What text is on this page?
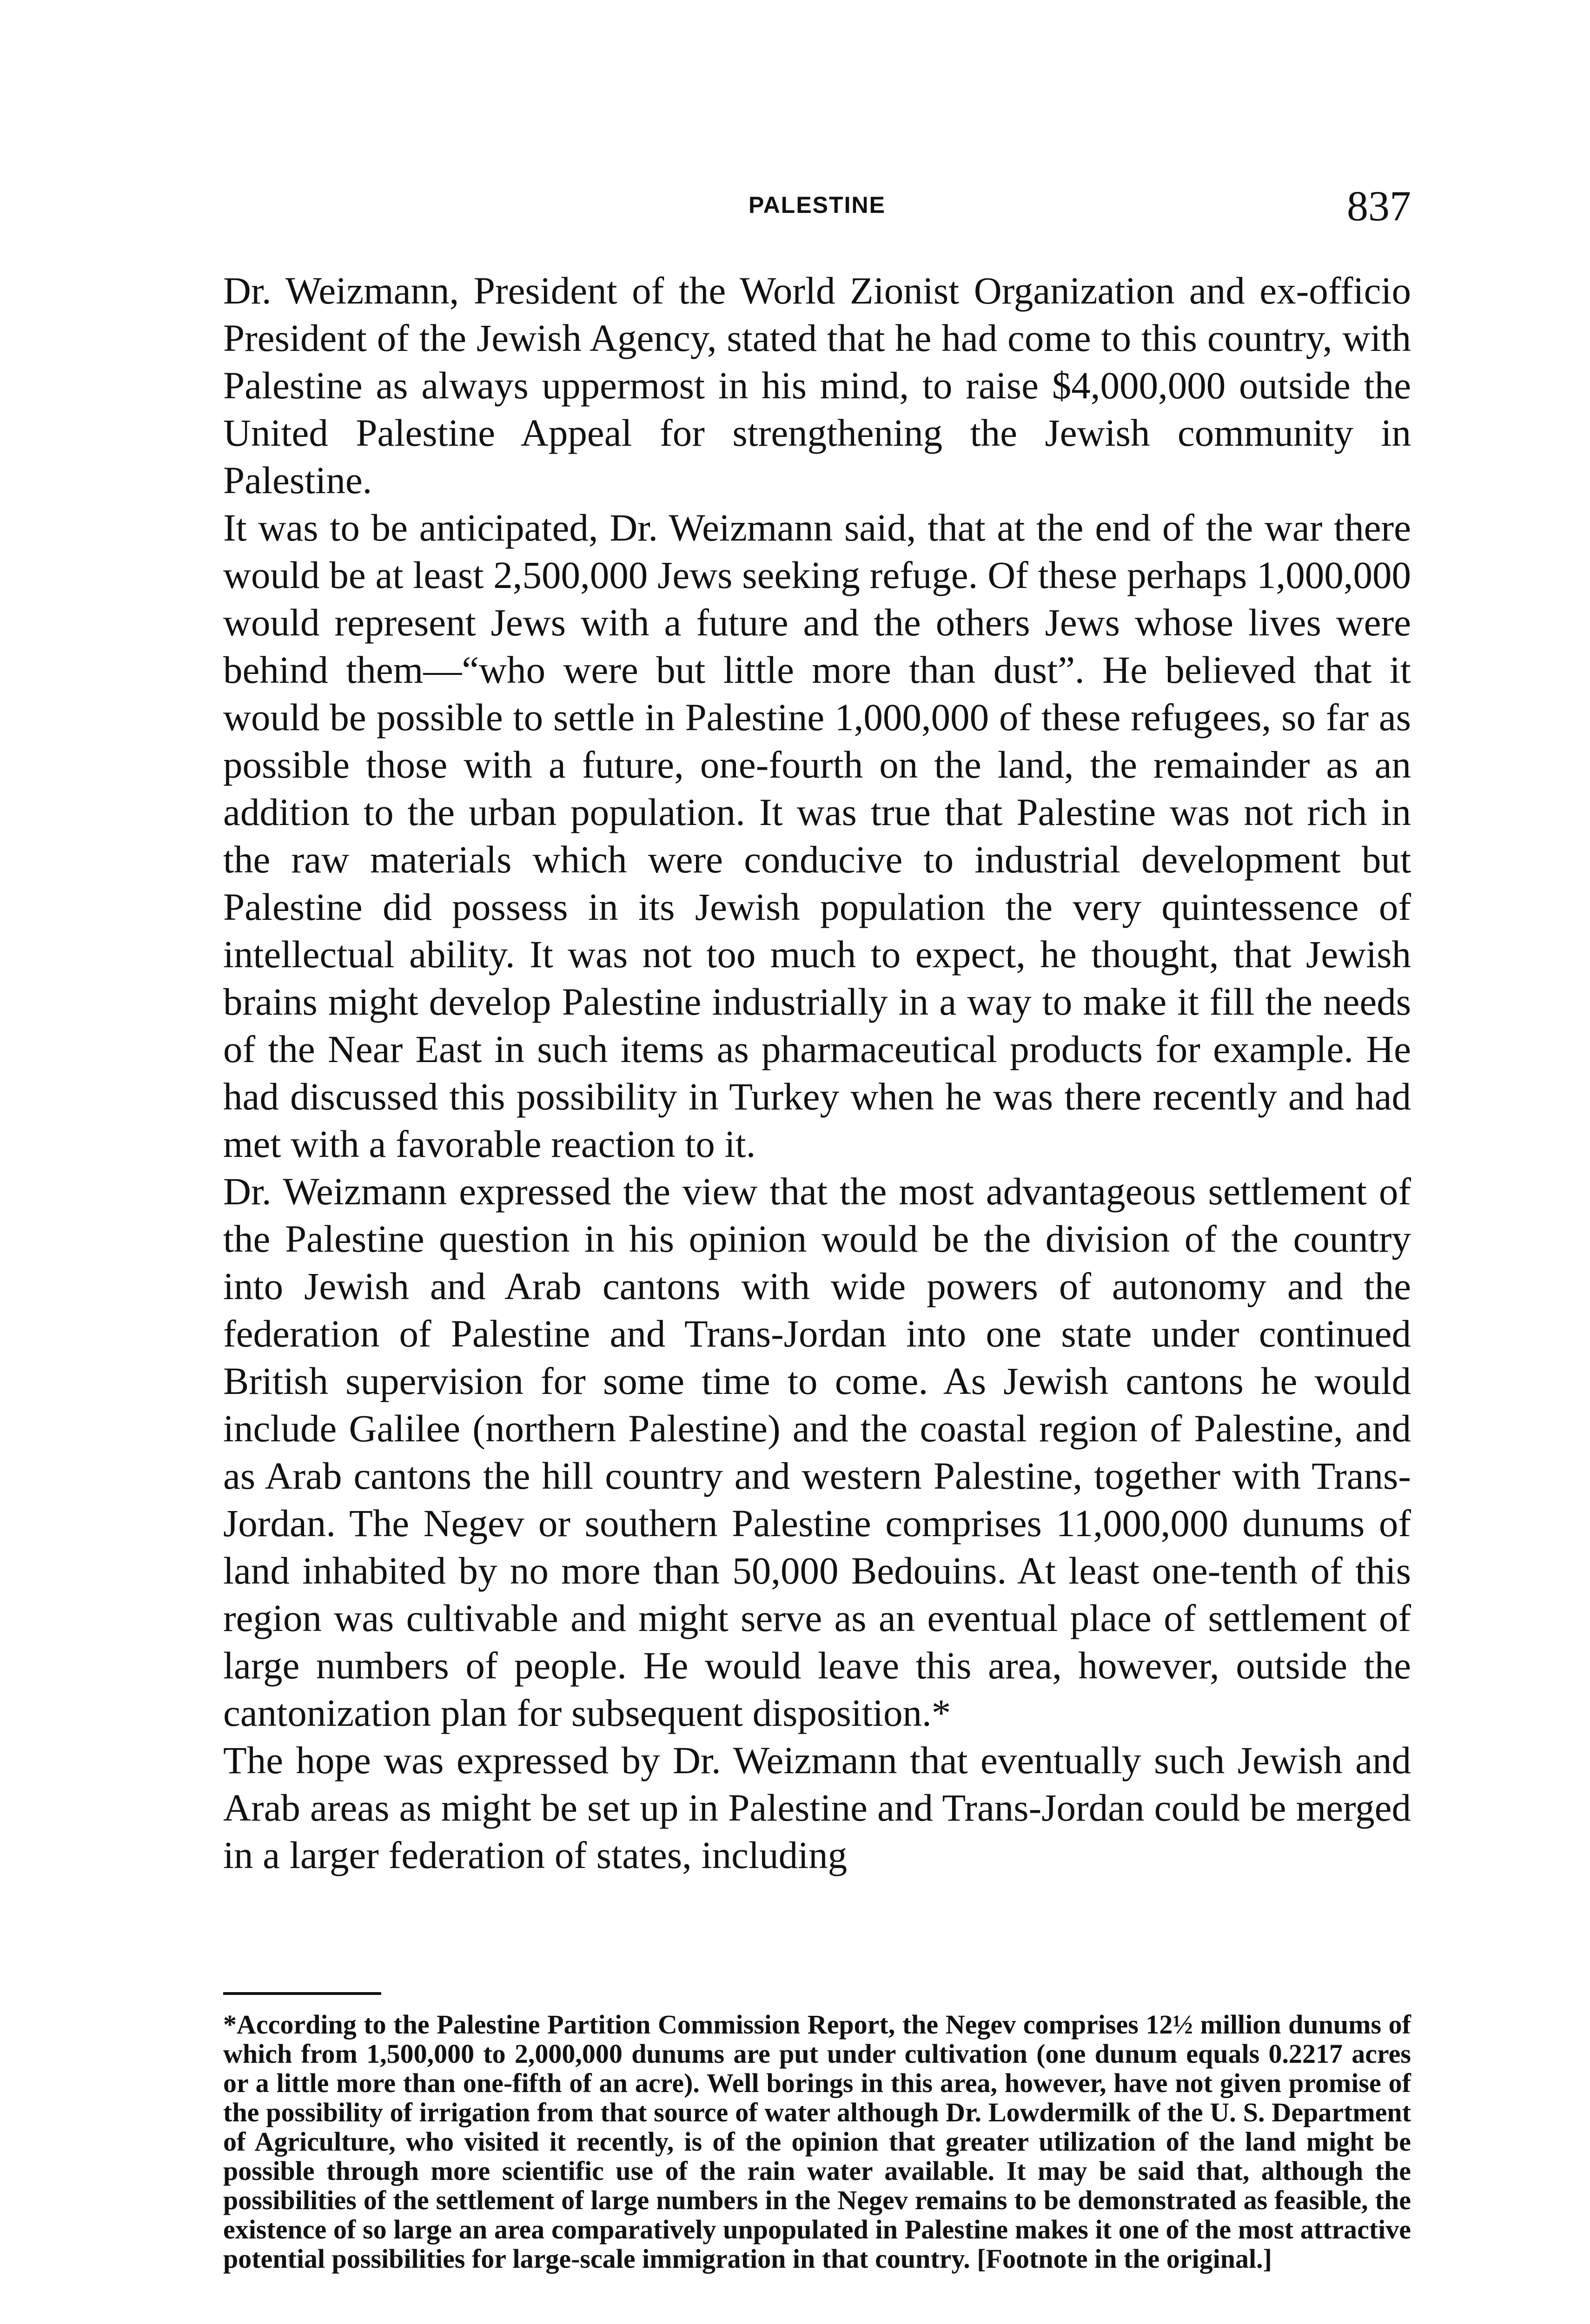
PALESTINE	837

Dr. Weizmann, President of the World Zionist Organization and ex-officio President of the Jewish Agency, stated that he had come to this country, with Palestine as always uppermost in his mind, to raise $4,000,000 outside the United Palestine Appeal for strengthening the Jewish community in Palestine.

It was to be anticipated, Dr. Weizmann said, that at the end of the war there would be at least 2,500,000 Jews seeking refuge. Of these perhaps 1,000,000 would represent Jews with a future and the others Jews whose lives were behind them—“who were but little more than dust”. He believed that it would be possible to settle in Palestine 1,000,000 of these refugees, so far as possible those with a future, one-fourth on the land, the remainder as an addition to the urban population. It was true that Palestine was not rich in the raw materials which were conducive to industrial development but Palestine did possess in its Jewish population the very quintessence of intellectual ability. It was not too much to expect, he thought, that Jewish brains might develop Palestine industrially in a way to make it fill the needs of the Near East in such items as pharmaceutical products for example. He had discussed this possibility in Turkey when he was there recently and had met with a favorable reaction to it.

Dr. Weizmann expressed the view that the most advantageous settlement of the Palestine question in his opinion would be the division of the country into Jewish and Arab cantons with wide powers of autonomy and the federation of Palestine and Trans-Jordan into one state under continued British supervision for some time to come. As Jewish cantons he would include Galilee (northern Palestine) and the coastal region of Palestine, and as Arab cantons the hill country and western Palestine, together with Trans-Jordan. The Negev or southern Palestine comprises 11,000,000 dunums of land inhabited by no more than 50,000 Bedouins. At least one-tenth of this region was cultivable and might serve as an eventual place of settlement of large numbers of people. He would leave this area, however, outside the cantonization plan for subsequent disposition.*

The hope was expressed by Dr. Weizmann that eventually such Jewish and Arab areas as might be set up in Palestine and Trans-Jordan could be merged in a larger federation of states, including

*According to the Palestine Partition Commission Report, the Negev comprises 12½ million dunums of which from 1,500,000 to 2,000,000 dunums are put under cultivation (one dunum equals 0.2217 acres or a little more than one-fifth of an acre). Well borings in this area, however, have not given promise of the possibility of irrigation from that source of water although Dr. Lowdermilk of the U. S. Department of Agriculture, who visited it recently, is of the opinion that greater utilization of the land might be possible through more scientific use of the rain water available. It may be said that, although the possibilities of the settlement of large numbers in the Negev remains to be demonstrated as feasible, the existence of so large an area comparatively unpopulated in Palestine makes it one of the most attractive potential possibilities for large-scale immigration in that country. [Footnote in the original.]
